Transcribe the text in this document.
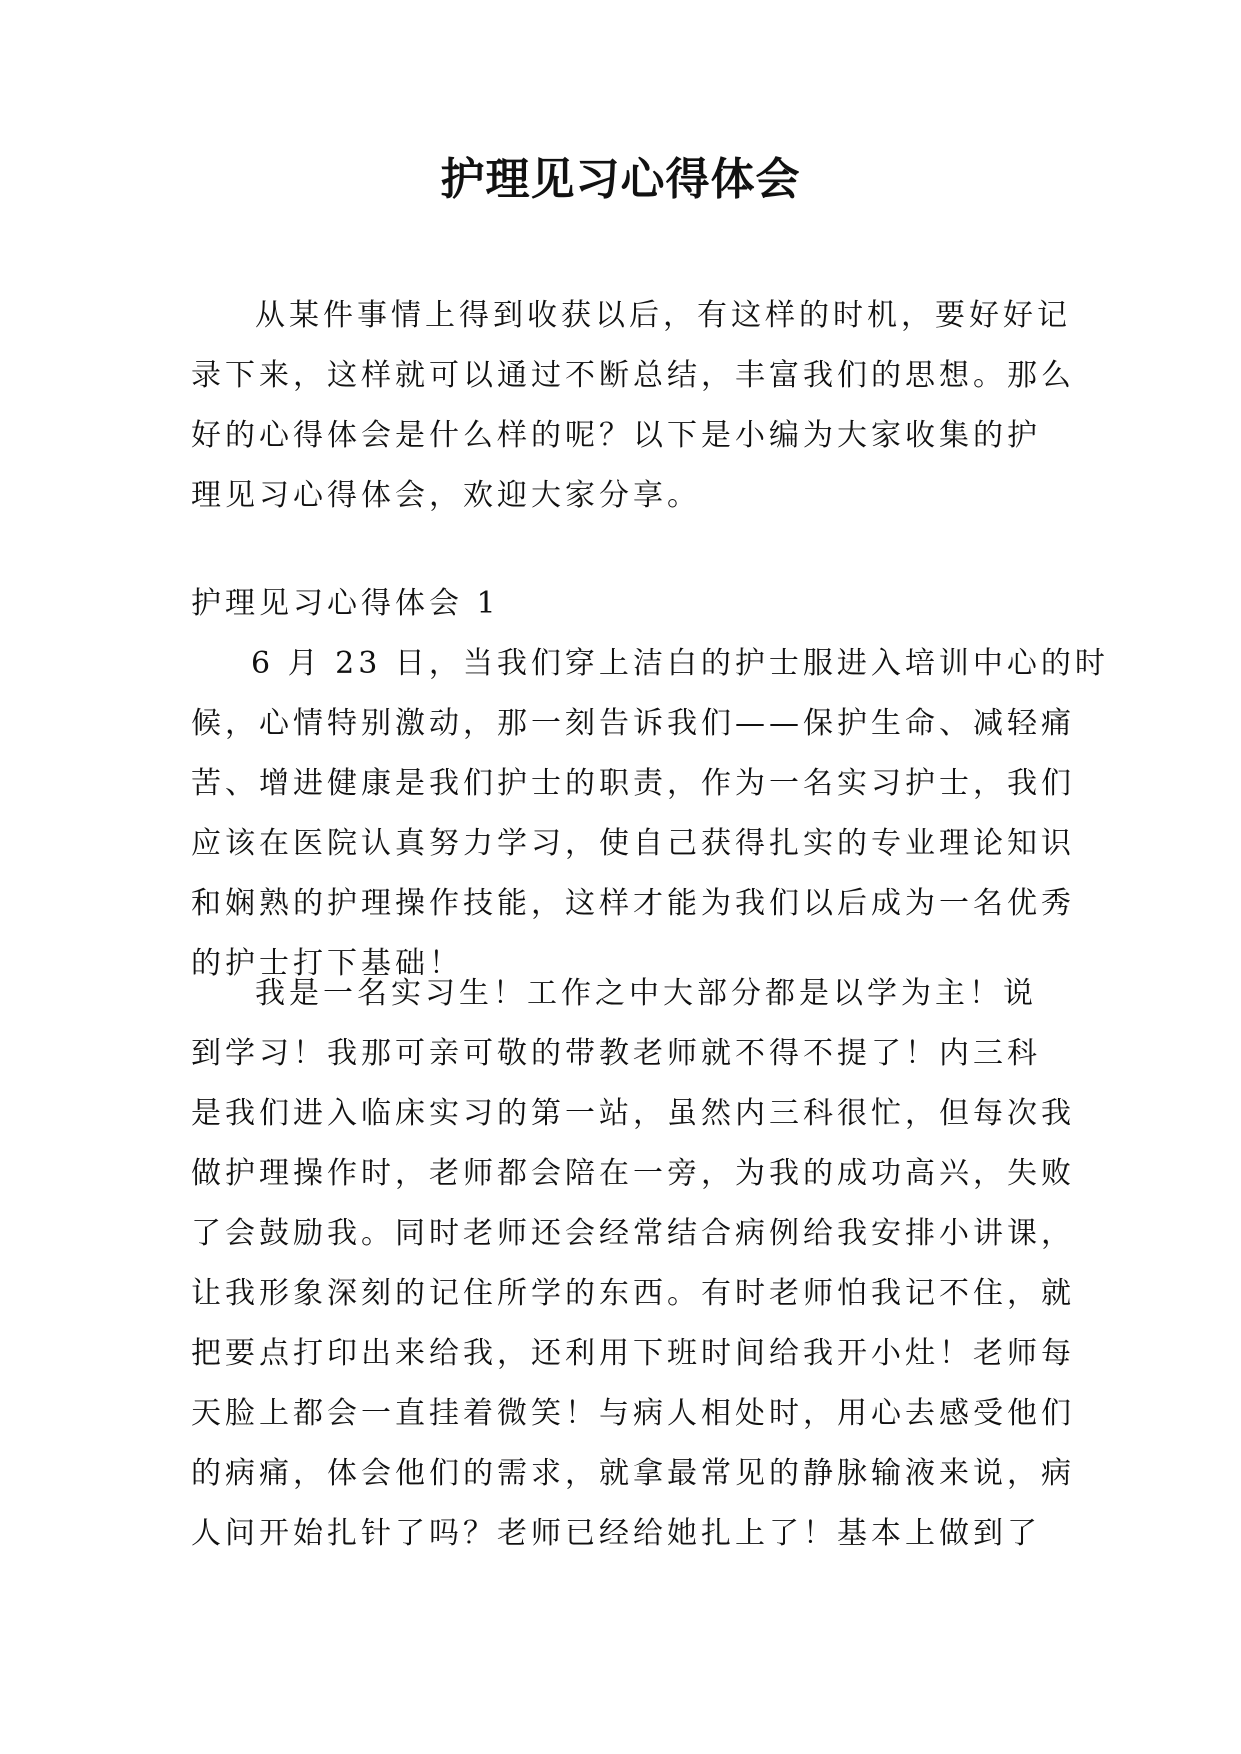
护理见习心得体会
从某件事情上得到收获以后，有这样的时机，要好好记
录下来，这样就可以通过不断总结，丰富我们的思想。那么
好的心得体会是什么样的呢？以下是小编为大家收集的护
理见习心得体会，欢迎大家分享。
护理见习心得体会 1
6 月 23 日，当我们穿上洁白的护士服进入培训中心的时
候，心情特别激动，那一刻告诉我们——保护生命、减轻痛
苦、增进健康是我们护士的职责，作为一名实习护士，我们
应该在医院认真努力学习，使自己获得扎实的专业理论知识
和娴熟的护理操作技能，这样才能为我们以后成为一名优秀
的护士打下基础！
我是一名实习生！工作之中大部分都是以学为主！说
到学习！我那可亲可敬的带教老师就不得不提了！内三科
是我们进入临床实习的第一站，虽然内三科很忙，但每次我
做护理操作时，老师都会陪在一旁，为我的成功高兴，失败
了会鼓励我。同时老师还会经常结合病例给我安排小讲课，
让我形象深刻的记住所学的东西。有时老师怕我记不住，就
把要点打印出来给我，还利用下班时间给我开小灶！老师每
天脸上都会一直挂着微笑！与病人相处时，用心去感受他们
的病痛，体会他们的需求，就拿最常见的静脉输液来说，病
人问开始扎针了吗？老师已经给她扎上了！基本上做到了
